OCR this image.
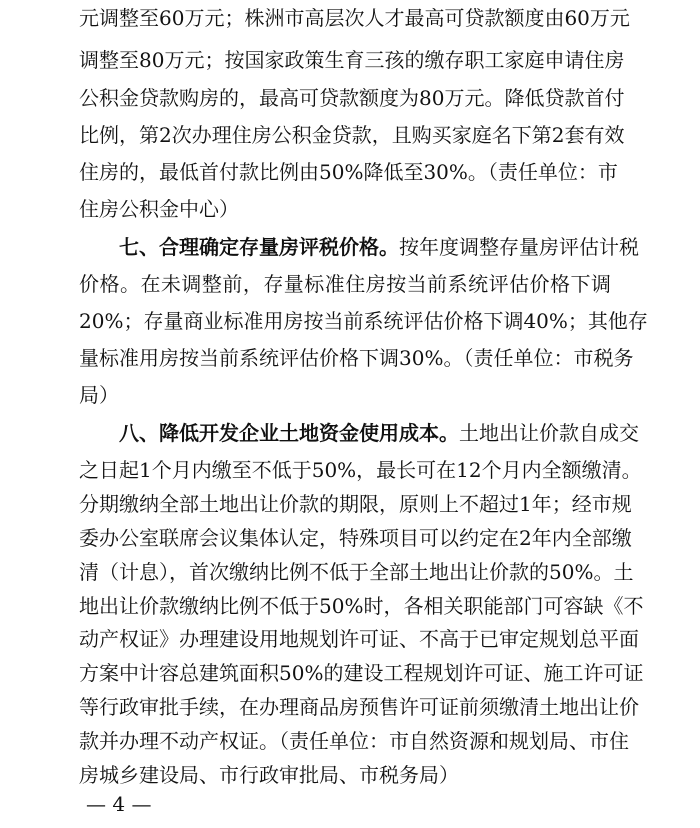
元调整至60万元；株洲市高层次人才最高可贷款额度由60万元
调整至80万元；按国家政策生育三孩的缴存职工家庭申请住房
公积金贷款购房的，最高可贷款额度为80万元。降低贷款首付
比例，第2次办理住房公积金贷款，且购买家庭名下第2套有效
住房的，最低首付款比例由50%降低至30%。（责任单位：市
住房公积金中心）
七、合理确定存量房评税价格。按年度调整存量房评估计税
价格。在未调整前，存量标准住房按当前系统评估价格下调
20%；存量商业标准用房按当前系统评估价格下调40%；其他存
量标准用房按当前系统评估价格下调30%。（责任单位：市税务
局）
八、降低开发企业土地资金使用成本。土地出让价款自成交
之日起1个月内缴至不低于50%，最长可在12个月内全额缴清。
分期缴纳全部土地出让价款的期限，原则上不超过1年；经市规
委办公室联席会议集体认定，特殊项目可以约定在2年内全部缴
清（计息），首次缴纳比例不低于全部土地出让价款的50%。土
地出让价款缴纳比例不低于50%时，各相关职能部门可容缺《不
动产权证》办理建设用地规划许可证、不高于已审定规划总平面
方案中计容总建筑面积50%的建设工程规划许可证、施工许可证
等行政审批手续，在办理商品房预售许可证前须缴清土地出让价
款并办理不动产权证。（责任单位：市自然资源和规划局、市住
房城乡建设局、市行政审批局、市税务局）
— 4 —
